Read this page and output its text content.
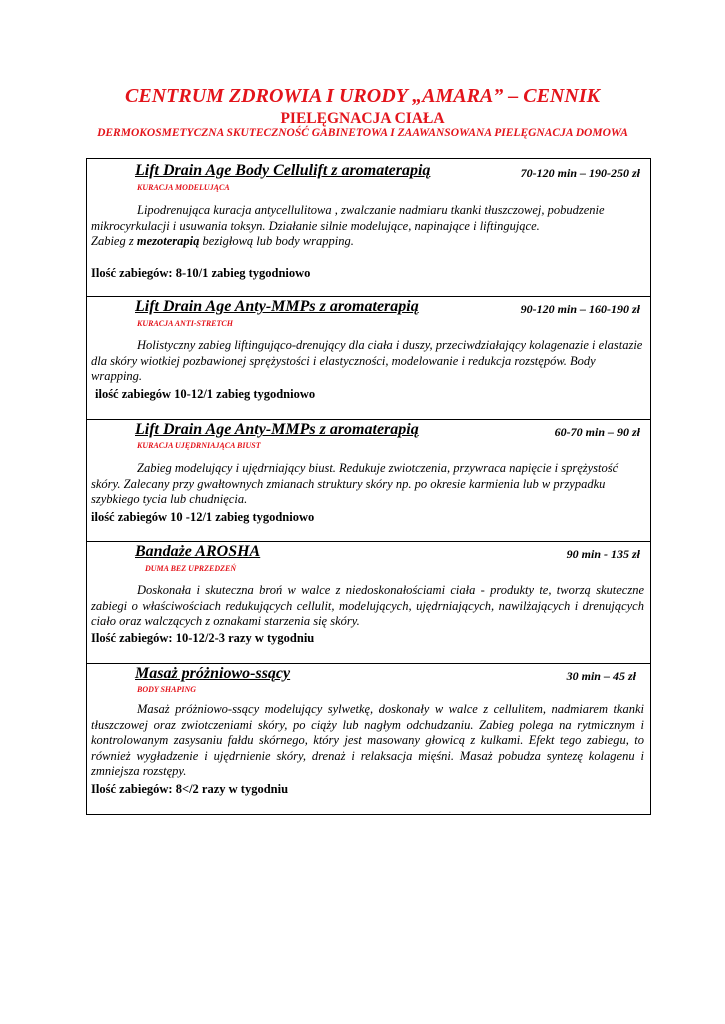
CENTRUM ZDROWIA I URODY „AMARA” – CENNIK
PIELĘGNACJA CIAŁA
DERMOKOSMETYCZNA SKUTECZNOŚĆ GABINETOWA I ZAAWANSOWANA PIELĘGNACJA DOMOWA
Lift Drain Age Body Cellulift z aromaterapią	70-120 min – 190-250 zł
KURACJA MODELUJĄCA
Lipodrenująca kuracja antycellulitowa , zwalczanie nadmiaru tkanki tłuszczowej, pobudzenie mikrocyrkulacji i usuwania toksyn. Działanie silnie modelujące, napinające i liftingujące.
Zabieg z mezoterapią bezigłową lub body wrapping.
Ilość zabiegów: 8-10/1 zabieg tygodniowo
Lift Drain Age Anty-MMPs z aromaterapią	90-120 min – 160-190 zł
KURACJA ANTI-STRETCH
Holistyczny zabieg liftingująco-drenujący dla ciała i duszy, przeciwdziałający kolagenazie i elastazie dla skóry wiotkiej pozbawionej sprężystości i elastyczności, modelowanie i redukcja rozstępów. Body wrapping.
ilość zabiegów 10-12/1 zabieg tygodniowo
Lift Drain Age Anty-MMPs z aromaterapią	60-70 min – 90 zł
KURACJA UJĘDRNIAJĄCA BIUST
Zabieg modelujący i ujędrniający biust. Redukuje zwiotczenia, przywraca napięcie i sprężystość skóry. Zalecany przy gwałtownych zmianach struktury skóry np. po okresie karmienia lub w przypadku szybkiego tycia lub chudnięcia.
ilość zabiegów 10 -12/1 zabieg tygodniowo
Bandaże AROSHA	90 min - 135 zł
DUMA BEZ UPRZEDZEŃ
Doskonała i skuteczna broń w walce z niedoskonałościami ciała - produkty te, tworzą skuteczne zabiegi o właściwościach redukujących cellulit, modelujących, ujędrniających, nawilżających i drenujących ciało oraz walczących z oznakami starzenia się skóry.
Ilość zabiegów: 10-12/2-3 razy w tygodniu
Masaż próżniowo-ssący	30 min – 45 zł
BODY SHAPING
Masaż próżniowo-ssący modelujący sylwetkę, doskonały w walce z cellulitem, nadmiarem tkanki tłuszczowej oraz zwiotczeniami skóry, po ciąży lub nagłym odchudzaniu. Zabieg polega na rytmicznym i kontrolowanym zasysaniu fałdu skórnego, który jest masowany głowicą z kulkami. Efekt tego zabiegu, to również wygładzenie i ujędrnienie skóry, drenaż i relaksacja mięśni. Masaż pobudza syntezę kolagenu i zmniejsza rozstępy.
Ilość zabiegów: 8</2 razy w tygodniu
